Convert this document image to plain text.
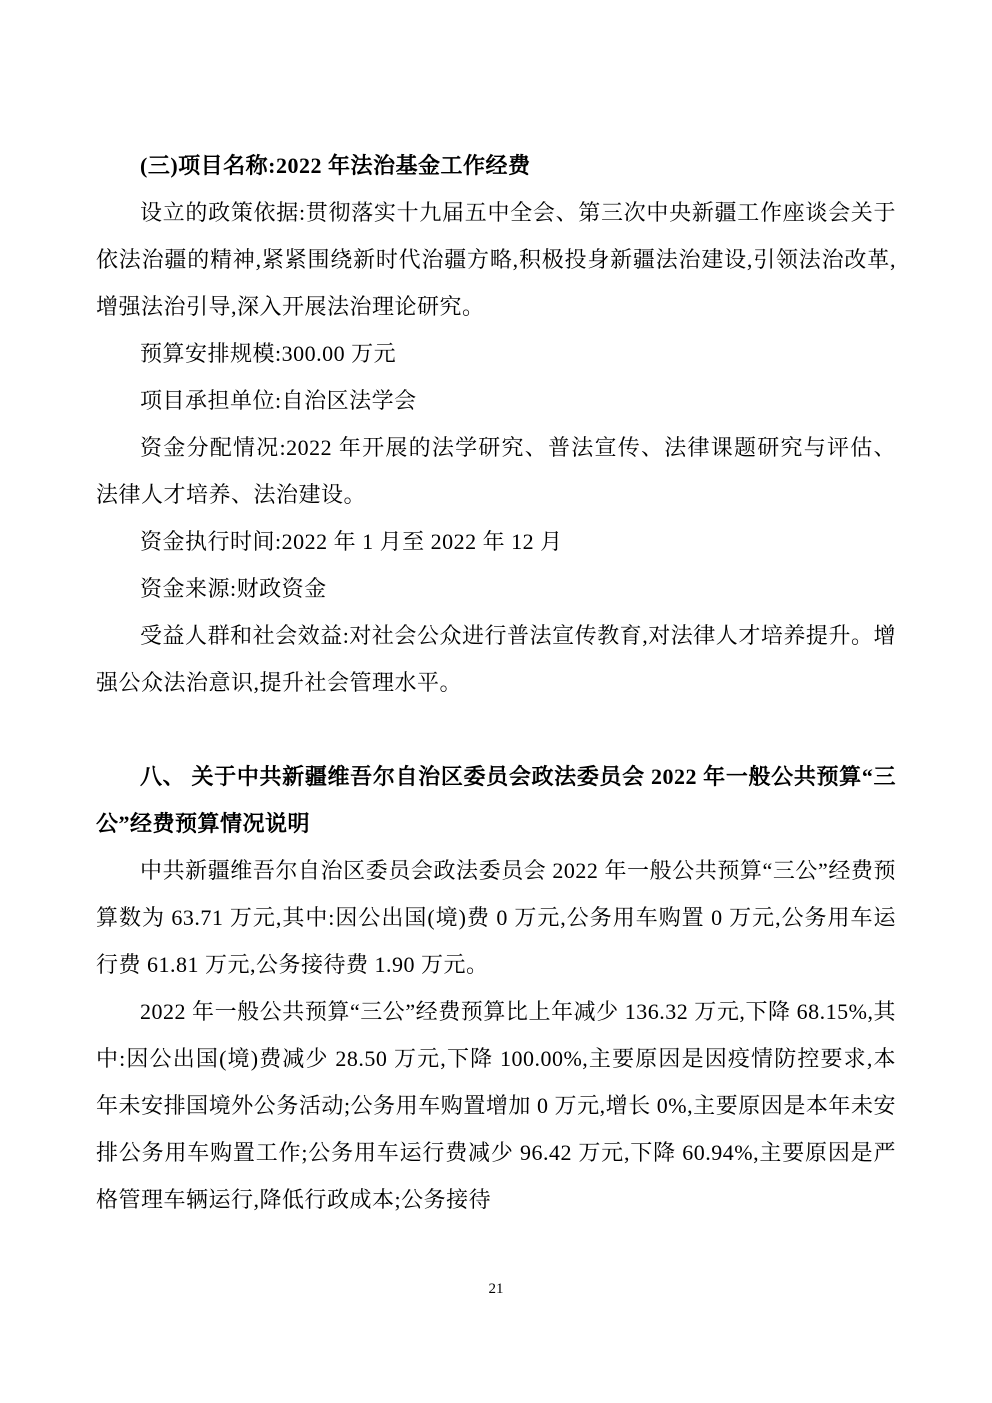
(三)项目名称:2022 年法治基金工作经费

设立的政策依据:贯彻落实十九届五中全会、第三次中央新疆工作座谈会关于依法治疆的精神,紧紧围绕新时代治疆方略,积极投身新疆法治建设,引领法治改革,增强法治引导,深入开展法治理论研究。

预算安排规模:300.00 万元

项目承担单位:自治区法学会

资金分配情况:2022 年开展的法学研究、普法宣传、法律课题研究与评估、法律人才培养、法治建设。

资金执行时间:2022 年 1 月至 2022 年 12 月

资金来源:财政资金

受益人群和社会效益:对社会公众进行普法宣传教育,对法律人才培养提升。增强公众法治意识,提升社会管理水平。

八、 关于中共新疆维吾尔自治区委员会政法委员会 2022 年一般公共预算“三公”经费预算情况说明

中共新疆维吾尔自治区委员会政法委员会 2022 年一般公共预算“三公”经费预算数为 63.71 万元,其中:因公出国(境)费 0 万元,公务用车购置 0 万元,公务用车运行费 61.81 万元,公务接待费 1.90 万元。

2022 年一般公共预算“三公”经费预算比上年减少 136.32 万元,下降 68.15%,其中:因公出国(境)费减少 28.50 万元,下降 100.00%,主要原因是因疫情防控要求,本年未安排国境外公务活动;公务用车购置增加 0 万元,增长 0%,主要原因是本年未安排公务用车购置工作;公务用车运行费减少 96.42 万元,下降 60.94%,主要原因是严格管理车辆运行,降低行政成本;公务接待

21
